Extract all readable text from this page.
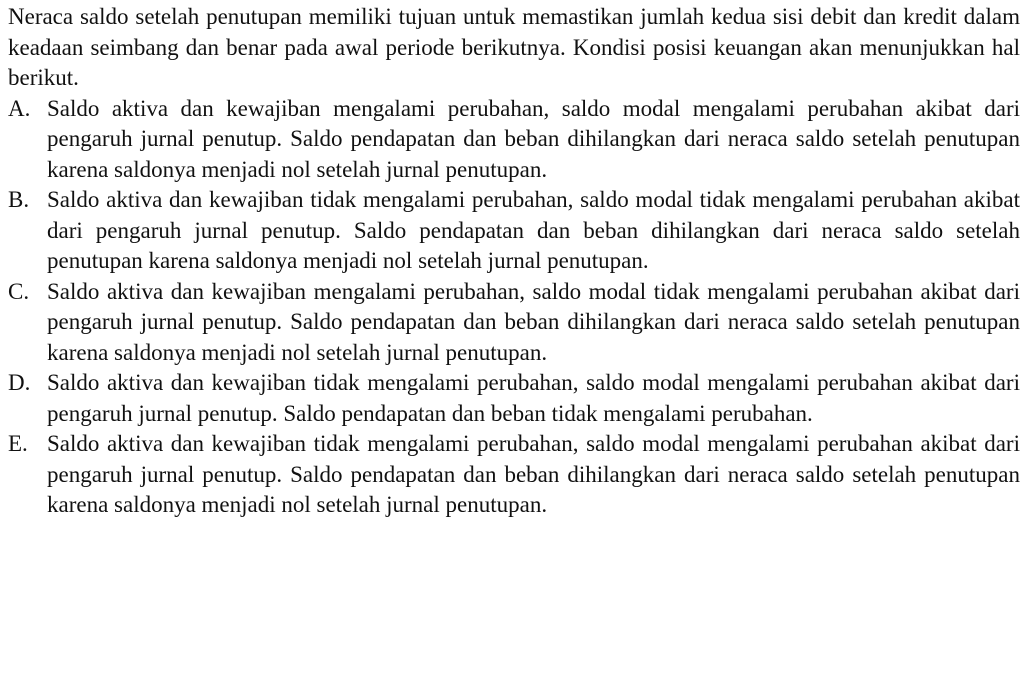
Neraca saldo setelah penutupan memiliki tujuan untuk memastikan jumlah kedua sisi debit dan kredit dalam keadaan seimbang dan benar pada awal periode berikutnya. Kondisi posisi keuangan akan menunjukkan hal berikut.

A. Saldo aktiva dan kewajiban mengalami perubahan, saldo modal mengalami perubahan akibat dari pengaruh jurnal penutup. Saldo pendapatan dan beban dihilangkan dari neraca saldo setelah penutupan karena saldonya menjadi nol setelah jurnal penutupan.
B. Saldo aktiva dan kewajiban tidak mengalami perubahan, saldo modal tidak mengalami perubahan akibat dari pengaruh jurnal penutup. Saldo pendapatan dan beban dihilangkan dari neraca saldo setelah penutupan karena saldonya menjadi nol setelah jurnal penutupan.
C. Saldo aktiva dan kewajiban mengalami perubahan, saldo modal tidak mengalami perubahan akibat dari pengaruh jurnal penutup. Saldo pendapatan dan beban dihilangkan dari neraca saldo setelah penutupan karena saldonya menjadi nol setelah jurnal penutupan.
D. Saldo aktiva dan kewajiban tidak mengalami perubahan, saldo modal mengalami perubahan akibat dari pengaruh jurnal penutup. Saldo pendapatan dan beban tidak mengalami perubahan.
E. Saldo aktiva dan kewajiban tidak mengalami perubahan, saldo modal mengalami perubahan akibat dari pengaruh jurnal penutup. Saldo pendapatan dan beban dihilangkan dari neraca saldo setelah penutupan karena saldonya menjadi nol setelah jurnal penutupan.
